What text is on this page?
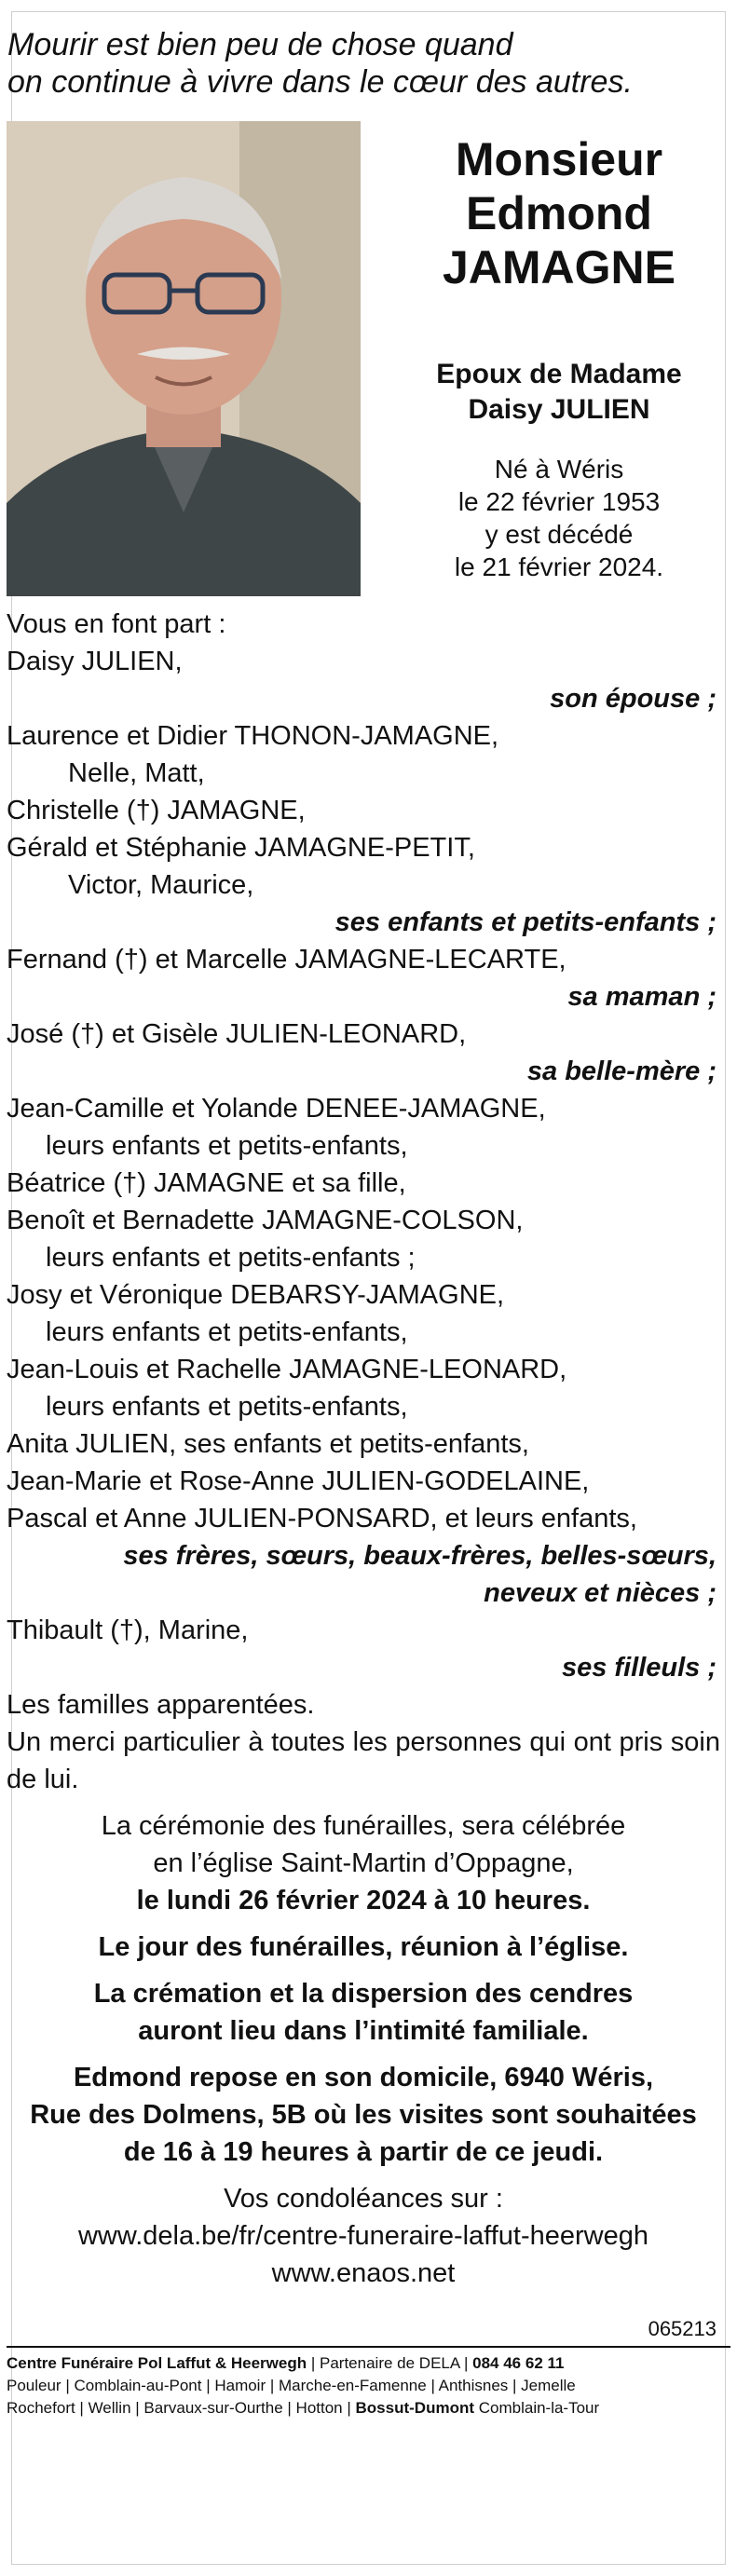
Mourir est bien peu de chose quand
on continue à vivre dans le cœur des autres.
Monsieur
Edmond
JAMAGNE
Epoux de Madame
Daisy JULIEN
Né à Wéris
le 22 février 1953
y est décédé
le 21 février 2024.
Vous en font part :
Daisy JULIEN,
son épouse ;
Laurence et Didier THONON-JAMAGNE,
Nelle, Matt,
Christelle (†) JAMAGNE,
Gérald et Stéphanie JAMAGNE-PETIT,
Victor, Maurice,
ses enfants et petits-enfants ;
Fernand (†) et Marcelle JAMAGNE-LECARTE,
sa maman ;
José (†) et Gisèle JULIEN-LEONARD,
sa belle-mère ;
Jean-Camille et Yolande DENEE-JAMAGNE,
leurs enfants et petits-enfants,
Béatrice (†) JAMAGNE et sa fille,
Benoît et Bernadette JAMAGNE-COLSON,
leurs enfants et petits-enfants ;
Josy et Véronique DEBARSY-JAMAGNE,
leurs enfants et petits-enfants,
Jean-Louis et Rachelle JAMAGNE-LEONARD,
leurs enfants et petits-enfants,
Anita JULIEN, ses enfants et petits-enfants,
Jean-Marie et Rose-Anne JULIEN-GODELAINE,
Pascal et Anne JULIEN-PONSARD, et leurs enfants,
ses frères, sœurs, beaux-frères, belles-sœurs,
neveux et nièces ;
Thibault (†), Marine,
ses filleuls ;
Les familles apparentées.
Un merci particulier à toutes les personnes qui ont pris soin de lui.
La cérémonie des funérailles, sera célébrée
en l’église Saint-Martin d’Oppagne,
le lundi 26 février 2024 à 10 heures.
Le jour des funérailles, réunion à l’église.
La crémation et la dispersion des cendres
auront lieu dans l’intimité familiale.
Edmond repose en son domicile, 6940 Wéris,
Rue des Dolmens, 5B où les visites sont souhaitées
de 16 à 19 heures à partir de ce jeudi.
Vos condoléances sur :
www.dela.be/fr/centre-funeraire-laffut-heerwegh
www.enaos.net
065213
Centre Funéraire Pol Laffut & Heerwegh | Partenaire de DELA | 084 46 62 11
Pouleur | Comblain-au-Pont | Hamoir | Marche-en-Famenne | Anthisnes | Jemelle
Rochefort | Wellin | Barvaux-sur-Ourthe | Hotton | Bossut-Dumont Comblain-la-Tour
